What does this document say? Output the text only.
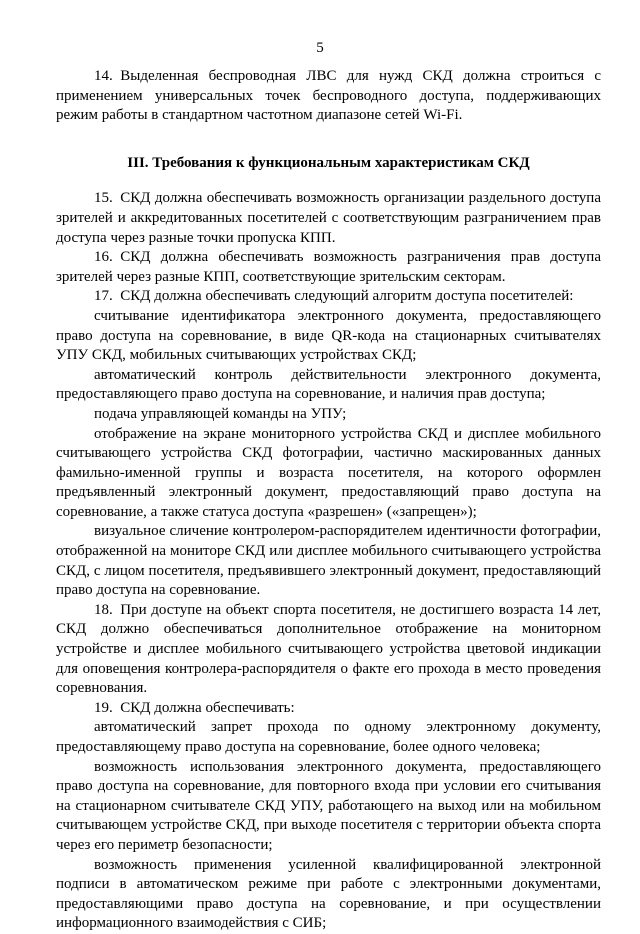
5

14. Выделенная беспроводная ЛВС для нужд СКД должна строиться с применением универсальных точек беспроводного доступа, поддерживающих режим работы в стандартном частотном диапазоне сетей Wi-Fi.

III. Требования к функциональным характеристикам СКД

15. СКД должна обеспечивать возможность организации раздельного доступа зрителей и аккредитованных посетителей с соответствующим разграничением прав доступа через разные точки пропуска КПП.

16. СКД должна обеспечивать возможность разграничения прав доступа зрителей через разные КПП, соответствующие зрительским секторам.

17. СКД должна обеспечивать следующий алгоритм доступа посетителей:

считывание идентификатора электронного документа, предоставляющего право доступа на соревнование, в виде QR-кода на стационарных считывателях УПУ СКД, мобильных считывающих устройствах СКД;

автоматический контроль действительности электронного документа, предоставляющего право доступа на соревнование, и наличия прав доступа;

подача управляющей команды на УПУ;

отображение на экране мониторного устройства СКД и дисплее мобильного считывающего устройства СКД фотографии, частично маскированных данных фамильно-именной группы и возраста посетителя, на которого оформлен предъявленный электронный документ, предоставляющий право доступа на соревнование, а также статуса доступа «разрешен» («запрещен»);

визуальное сличение контролером-распорядителем идентичности фотографии, отображенной на мониторе СКД или дисплее мобильного считывающего устройства СКД, с лицом посетителя, предъявившего электронный документ, предоставляющий право доступа на соревнование.

18. При доступе на объект спорта посетителя, не достигшего возраста 14 лет, СКД должно обеспечиваться дополнительное отображение на мониторном устройстве и дисплее мобильного считывающего устройства цветовой индикации для оповещения контролера-распорядителя о факте его прохода в место проведения соревнования.

19. СКД должна обеспечивать:

автоматический запрет прохода по одному электронному документу, предоставляющему право доступа на соревнование, более одного человека;

возможность использования электронного документа, предоставляющего право доступа на соревнование, для повторного входа при условии его считывания на стационарном считывателе СКД УПУ, работающего на выход или на мобильном считывающем устройстве СКД, при выходе посетителя с территории объекта спорта через его периметр безопасности;

возможность применения усиленной квалифицированной электронной подписи в автоматическом режиме при работе с электронными документами, предоставляющими право доступа на соревнование, и при осуществлении информационного взаимодействия с СИБ;
